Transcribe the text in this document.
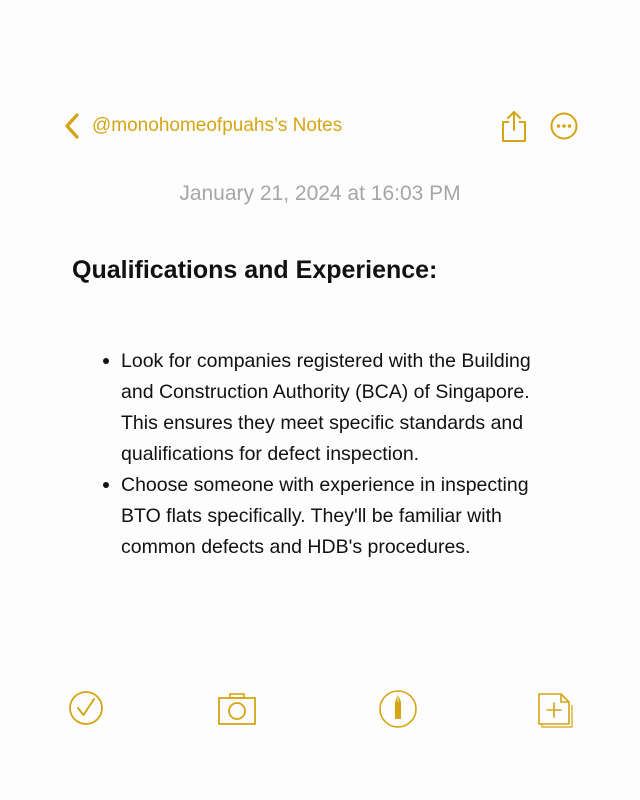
@monohomeofpuahs’s Notes
January 21, 2024 at 16:03 PM
Qualifications and Experience:
Look for companies registered with the Building and Construction Authority (BCA) of Singapore. This ensures they meet specific standards and qualifications for defect inspection.
Choose someone with experience in inspecting BTO flats specifically. They'll be familiar with common defects and HDB's procedures.
